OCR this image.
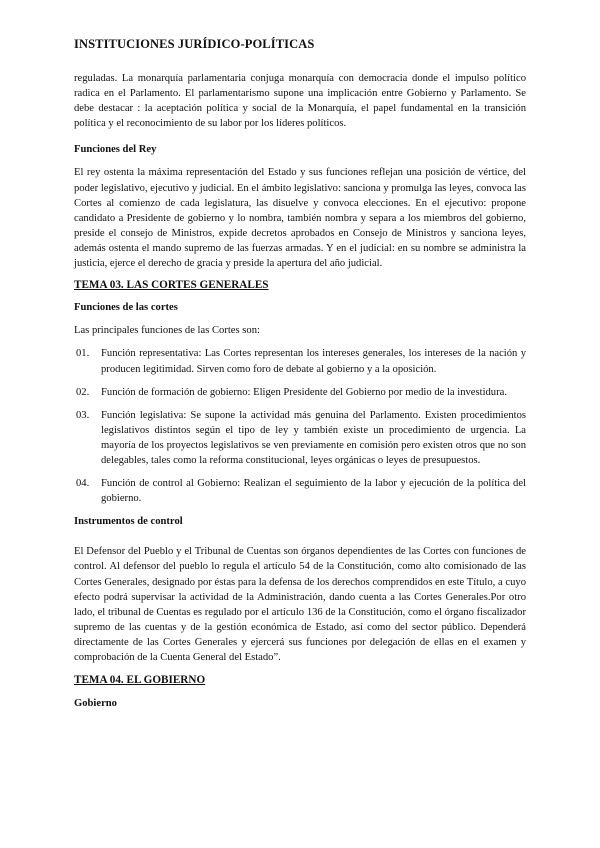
INSTITUCIONES JURÍDICO-POLÍTICAS

reguladas. La monarquía parlamentaria conjuga monarquía con democracia donde el impulso político radica en el Parlamento. El parlamentarismo supone una implicación entre Gobierno y Parlamento. Se debe destacar : la aceptación política y social de la Monarquía, el papel fundamental en la transición política y el reconocimiento de su labor por los líderes políticos.

Funciones del Rey

El rey ostenta la máxima representación del Estado y sus funciones reflejan una posición de vértice, del poder legislativo, ejecutivo y judicial. En el ámbito legislativo: sanciona y promulga las leyes, convoca las Cortes al comienzo de cada legislatura, las disuelve y convoca elecciones. En el ejecutivo: propone candidato a Presidente de gobierno y lo nombra, también nombra y separa a los miembros del gobierno, preside el consejo de Ministros, expide decretos aprobados en Consejo de Ministros y sanciona leyes, además ostenta el mando supremo de las fuerzas armadas. Y en el judicial: en su nombre se administra la justicia, ejerce el derecho de gracia y preside la apertura del año judicial.

TEMA 03. LAS CORTES GENERALES

Funciones de las cortes

Las principales funciones de las Cortes son:

01.	Función representativa: Las Cortes representan los intereses generales, los intereses de la nación y producen legitimidad. Sirven como foro de debate al gobierno y a la oposición.
02.	Función de formación de gobierno: Eligen Presidente del Gobierno por medio de la investidura.
03.	Función legislativa: Se supone la actividad más genuina del Parlamento. Existen procedimientos legislativos distintos según el tipo de ley y también existe un procedimiento de urgencia. La mayoría de los proyectos legislativos se ven previamente en comisión pero existen otros que no son delegables, tales como la reforma constitucional, leyes orgánicas o leyes de presupuestos.
04.	Función de control al Gobierno: Realizan el seguimiento de la labor y ejecución de la política del gobierno.

Instrumentos de control

El Defensor del Pueblo y el Tribunal de Cuentas son órganos dependientes de las Cortes con funciones de control. Al defensor del pueblo lo regula el artículo 54 de la Constitución, como alto comisionado de las Cortes Generales, designado por éstas para la defensa de los derechos comprendidos en este Título, a cuyo efecto podrá supervisar la actividad de la Administración, dando cuenta a las Cortes Generales.Por otro lado, el tribunal de Cuentas es regulado por el artículo 136 de la Constitución, como el órgano fiscalizador supremo de las cuentas y de la gestión económica de Estado, así como del sector público. Dependerá directamente de las Cortes Generales y ejercerá sus funciones por delegación de ellas en el examen y comprobación de la Cuenta General del Estado”.

TEMA 04. EL GOBIERNO

Gobierno
